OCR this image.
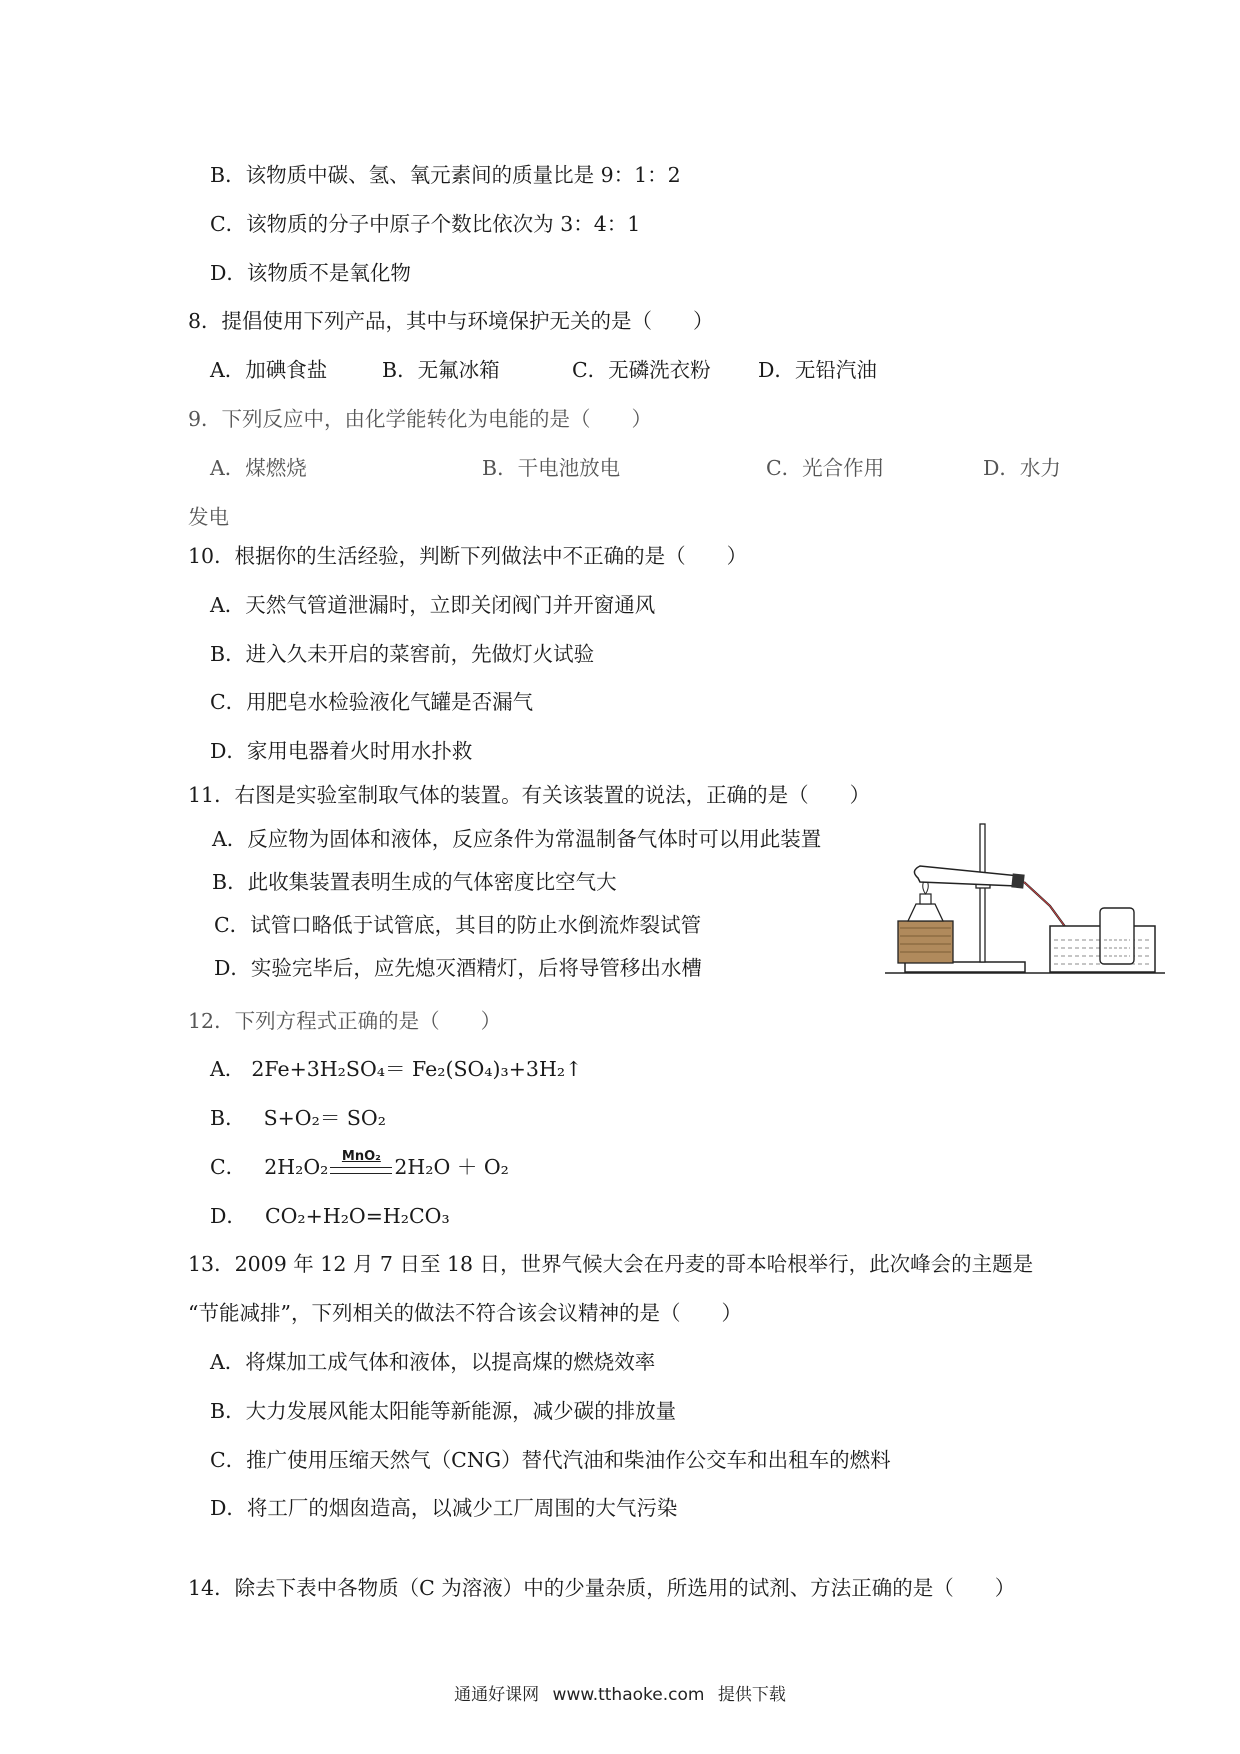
B．该物质中碳、氢、氧元素间的质量比是 9：1：2
C．该物质的分子中原子个数比依次为 3：4：1
D．该物质不是氧化物
8．提倡使用下列产品，其中与环境保护无关的是（　　）
A．加碘食盐	B．无氟冰箱	C．无磷洗衣粉 D．无铅汽油
9．下列反应中，由化学能转化为电能的是（　　）
A．煤燃烧	B．干电池放电	C．光合作用	D．水力
发电
10．根据你的生活经验，判断下列做法中不正确的是（　　）
A．天然气管道泄漏时，立即关闭阀门并开窗通风
B．进入久未开启的菜窖前，先做灯火试验
C．用肥皂水检验液化气罐是否漏气
D．家用电器着火时用水扑救
11．右图是实验室制取气体的装置。有关该装置的说法，正确的是（　　）
A．反应物为固体和液体，反应条件为常温制备气体时可以用此装置
B．此收集装置表明生成的气体密度比空气大
C．试管口略低于试管底，其目的防止水倒流炸裂试管
D．实验完毕后，应先熄灭酒精灯，后将导管移出水槽
12．下列方程式正确的是（　　）
A． 2Fe+3H₂SO₄＝ Fe₂(SO₄)₃+3H₂↑
B． S+O₂＝ SO₂
C． 2H₂O₂	MnO₂ 2H₂O ＋ O₂
D． CO₂+H₂O=H₂CO₃
13．2009 年 12 月 7 日至 18 日，世界气候大会在丹麦的哥本哈根举行，此次峰会的主题是
“节能减排”，下列相关的做法不符合该会议精神的是（　　）
A．将煤加工成气体和液体，以提高煤的燃烧效率
B．大力发展风能太阳能等新能源，减少碳的排放量
C．推广使用压缩天然气（CNG）替代汽油和柴油作公交车和出租车的燃料
D．将工厂的烟囱造高，以减少工厂周围的大气污染
14．除去下表中各物质（C 为溶液）中的少量杂质，所选用的试剂、方法正确的是（　　）
通通好课网 www.tthaoke.com 提供下载
